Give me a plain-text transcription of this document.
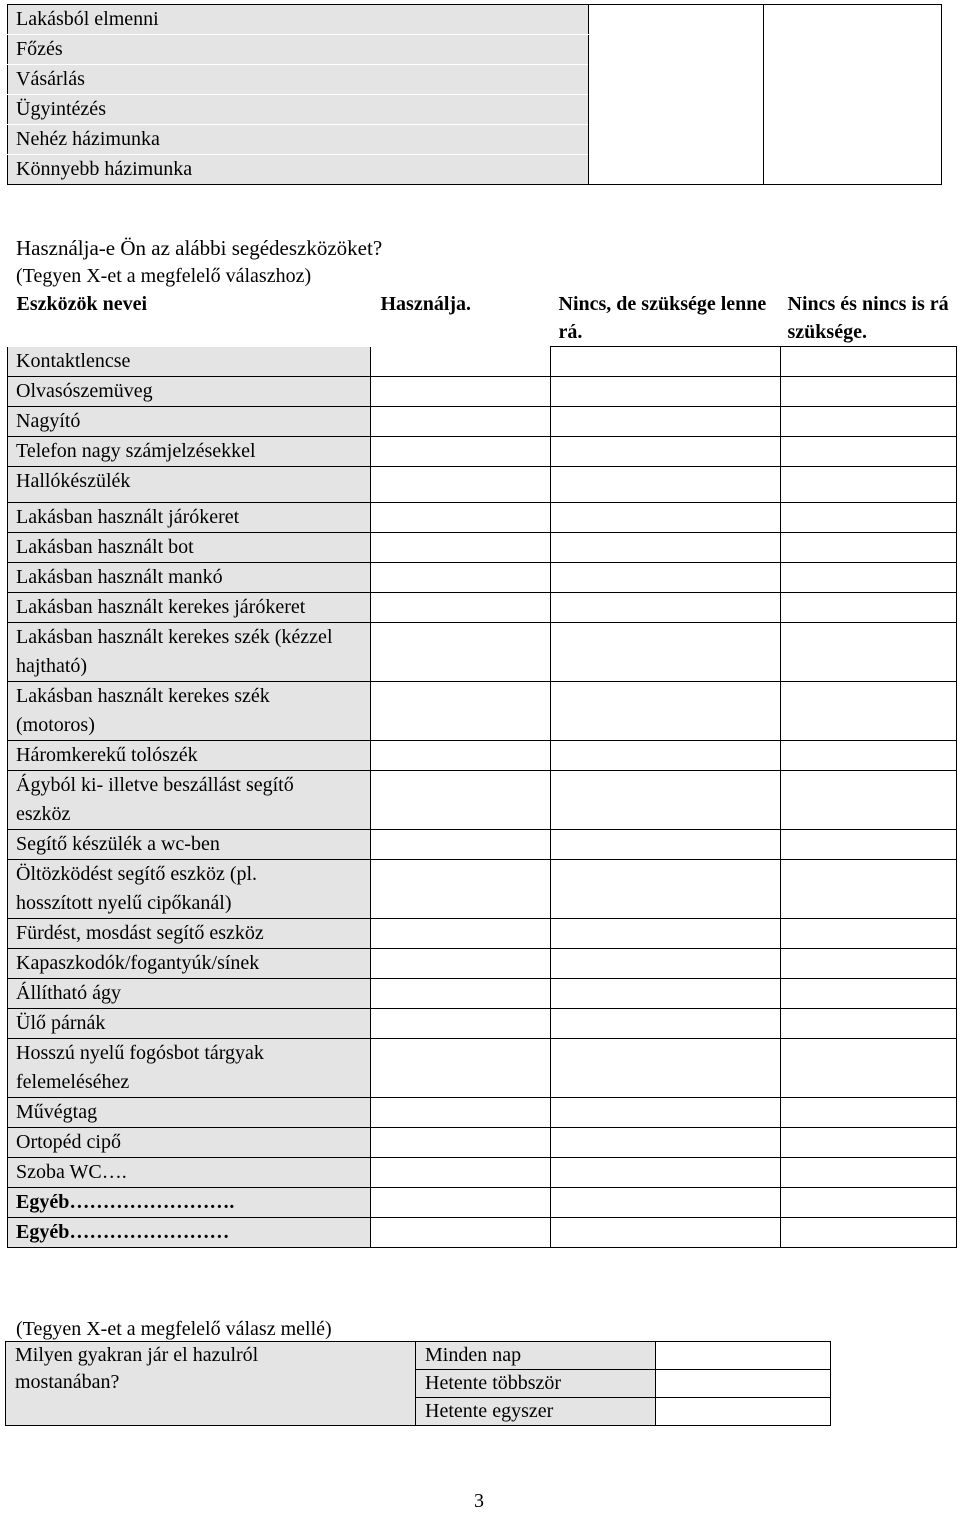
Lakásból elmenni		
Főzés
Vásárlás
Ügyintézés
Nehéz házimunka
Könnyebb házimunka
Használja-e Ön az alábbi segédeszközöket?
(Tegyen X-et a megfelelő válaszhoz)
Eszközök nevei	Használja.	Nincs, de szüksége lenne rá.	Nincs és nincs is rá szüksége.

Kontaktlencse			

Olvasószemüveg			

Nagyító			

Telefon nagy számjelzésekkel			

Hallókészülék			

Lakásban használt járókeret			

Lakásban használt bot			

Lakásban használt mankó			

Lakásban használt kerekes járókeret			

Lakásban használt kerekes szék (kézzel hajtható)			

Lakásban használt kerekes szék (motoros)			

Háromkerekű tolószék			

Ágyból ki- illetve beszállást segítő eszköz			

Segítő készülék a wc-ben			

Öltözködést segítő eszköz (pl. hosszított nyelű cipőkanál)			

Fürdést, mosdást segítő eszköz			

Kapaszkodók/fogantyúk/sínek			

Állítható ágy			

Ülő párnák			

Hosszú nyelű fogósbot tárgyak felemeléséhez			

Művégtag			

Ortopéd cipő			

Szoba WC….			

Egyéb…………………….			

Egyéb……………………			

(Tegyen X-et a megfelelő válasz mellé)
Milyen gyakran jár el hazulról mostanában?	Minden nap	
	Hetente többször	
	Hetente egyszer	
3
